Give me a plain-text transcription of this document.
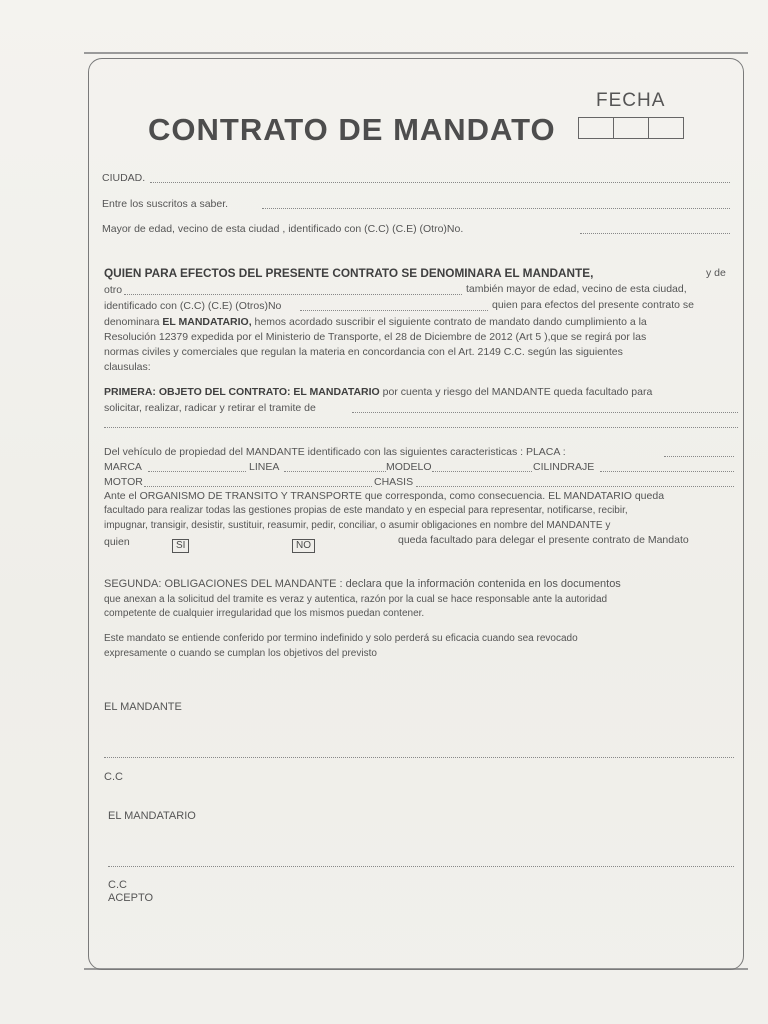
CONTRATO DE MANDATO
FECHA
CIUDAD.
Entre los suscritos a saber.
Mayor de edad, vecino de esta ciudad , identificado con (C.C) (C.E) (Otro)No.
QUIEN PARA EFECTOS DEL PRESENTE CONTRATO SE DENOMINARA EL MANDANTE,	y de
otro	también mayor de edad, vecino de esta ciudad,
identificado con (C.C) (C.E) (Otros)No	quien para efectos del presente contrato se
denominara EL MANDATARIO, hemos acordado suscribir el siguiente contrato de mandato dando cumplimiento a la
Resolución 12379 expedida por el Ministerio de Transporte, el 28 de Diciembre de 2012 (Art 5 ),que se regirá por las
normas civiles y comerciales que regulan la materia en concordancia con el Art. 2149 C.C. según las siguientes
clausulas:
PRIMERA: OBJETO DEL CONTRATO: EL MANDATARIO por cuenta y riesgo del MANDANTE queda facultado para
solicitar, realizar, radicar y retirar el tramite de
Del vehículo de propiedad del MANDANTE identificado con las siguientes caracteristicas : PLACA :
MARCA	LINEA	MODELO	CILINDRAJE
MOTOR	CHASIS
Ante el ORGANISMO DE TRANSITO Y TRANSPORTE que corresponda, como consecuencia. EL MANDATARIO queda
facultado para realizar todas las gestiones propias de este mandato y en especial para representar, notificarse, recibir,
impugnar, transigir, desistir, sustituir, reasumir, pedir, conciliar, o asumir obligaciones en nombre del MANDANTE y
quien	SI	NO	queda facultado para delegar el presente contrato de Mandato
SEGUNDA: OBLIGACIONES DEL MANDANTE : declara que la información contenida en los documentos
que anexan a la solicitud del tramite es veraz y autentica, razón por la cual se hace responsable ante la autoridad
competente de cualquier irregularidad que los mismos puedan contener.
Este mandato se entiende conferido por termino indefinido y solo perderá su eficacia cuando sea revocado
expresamente o cuando se cumplan los objetivos del previsto
EL MANDANTE
C.C
EL MANDATARIO
C.C
ACEPTO
